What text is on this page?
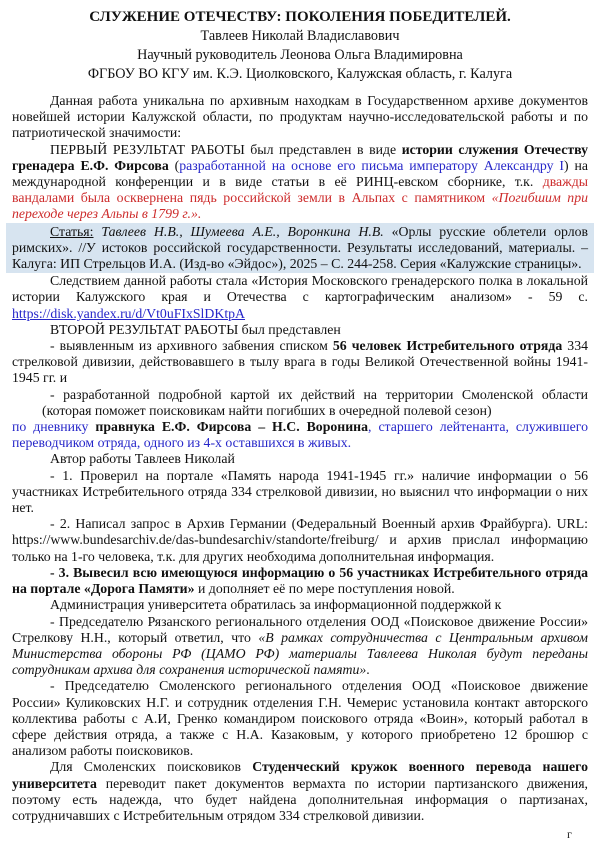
СЛУЖЕНИЕ ОТЕЧЕСТВУ: ПОКОЛЕНИЯ ПОБЕДИТЕЛЕЙ.
Тавлеев Николай Владиславович
Научный руководитель Леонова Ольга Владимировна
ФГБОУ ВО КГУ им. К.Э. Циолковского, Калужская область, г. Калуга

Данная работа уникальна по архивным находкам в Государственном архиве документов новейшей истории Калужской области, по продуктам научно-исследовательской работы и по патриотической значимости:

ПЕРВЫЙ РЕЗУЛЬТАТ РАБОТЫ был представлен в виде истории служения Отечеству гренадера Е.Ф. Фирсова (разработанной на основе его письма императору Александру I) на международной конференции и в виде статьи в её РИНЦ-евском сборнике, т.к. дважды вандалами была осквернена пядь российской земли в Альпах с памятником «Погибшим при переходе через Альпы в 1799 г.».

Статья: Тавлеев Н.В., Шумеева А.Е., Воронкина Н.В. «Орлы русские облетели орлов римских». //У истоков российской государственности. Результаты исследований, материалы. – Калуга: ИП Стрельцов И.А. (Изд-во «Эйдос»), 2025 – С. 244-258. Серия «Калужские страницы».

Следствием данной работы стала «История Московского гренадерского полка в локальной истории Калужского края и Отечества с картографическим анализом» - 59 с. https://disk.yandex.ru/d/Vt0uFIxSlDKtpA

ВТОРОЙ РЕЗУЛЬТАТ РАБОТЫ был представлен

- выявленным из архивного забвения списком 56 человек Истребительного отряда 334 стрелковой дивизии, действовавшего в тылу врага в годы Великой Отечественной войны 1941-1945 гг. и

- разработанной подробной картой их действий на территории Смоленской области (которая поможет поисковикам найти погибших в очередной полевой сезон)

по дневнику правнука Е.Ф. Фирсова – Н.С. Воронина, старшего лейтенанта, служившего переводчиком отряда, одного из 4-х оставшихся в живых.

Автор работы Тавлеев Николай

- 1. Проверил на портале «Память народа 1941-1945 гг.» наличие информации о 56 участниках Истребительного отряда 334 стрелковой дивизии, но выяснил что информации о них нет.

- 2. Написал запрос в Архив Германии (Федеральный Военный архив Фрайбурга). URL: https://www.bundesarchiv.de/das-bundesarchiv/standorte/freiburg/ и архив прислал информацию только на 1-го человека, т.к. для других необходима дополнительная информация.

- 3. Вывесил всю имеющуюся информацию о 56 участниках Истребительного отряда на портале «Дорога Памяти» и дополняет её по мере поступления новой.

Администрация университета обратилась за информационной поддержкой к

- Председателю Рязанского регионального отделения ООД «Поисковое движение России» Стрелкову Н.Н., который ответил, что «В рамках сотрудничества с Центральным архивом Министерства обороны РФ (ЦАМО РФ) материалы Тавлеева Николая будут переданы сотрудникам архива для сохранения исторической памяти».

- Председателю Смоленского регионального отделения ООД «Поисковое движение России» Куликовских Н.Г. и сотрудник отделения Г.Н. Чемерис установила контакт авторского коллектива работы с А.И, Гренко командиром поискового отряда «Воин», который работал в сфере действия отряда, а также с Н.А. Казаковым, у которого приобретено 12 брошюр с анализом работы поисковиков.

Для Смоленских поисковиков Студенческий кружок военного перевода нашего университета переводит пакет документов вермахта по истории партизанского движения, поэтому есть надежда, что будет найдена дополнительная информация о партизанах, сотрудничавших с Истребительным отрядом 334 стрелковой дивизии.

г
